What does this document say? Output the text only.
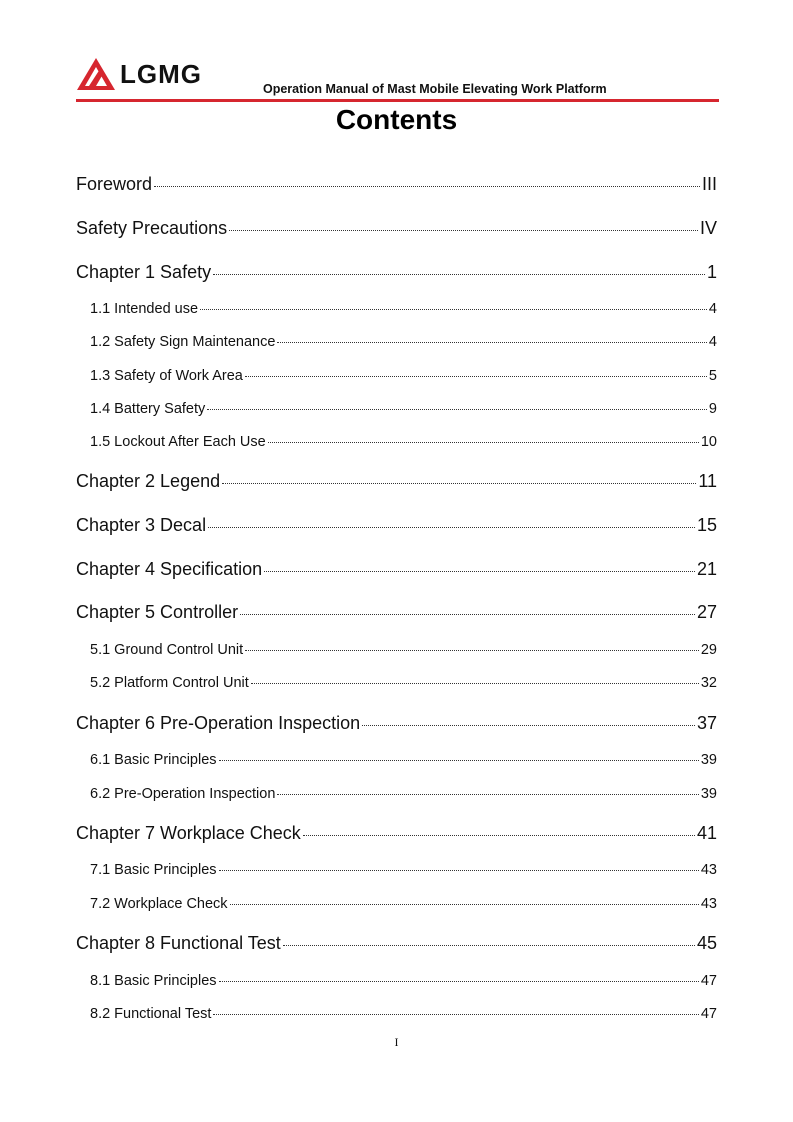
LGMG	Operation Manual of Mast Mobile Elevating Work Platform
Contents
Foreword	III
Safety Precautions	IV
Chapter 1 Safety	1
1.1 Intended use	4
1.2 Safety Sign Maintenance	4
1.3 Safety of Work Area	5
1.4 Battery Safety	9
1.5 Lockout After Each Use	10
Chapter 2 Legend	11
Chapter 3 Decal	15
Chapter 4 Specification	21
Chapter 5 Controller	27
5.1 Ground Control Unit	29
5.2 Platform Control Unit	32
Chapter 6 Pre-Operation Inspection	37
6.1 Basic Principles	39
6.2 Pre-Operation Inspection	39
Chapter 7 Workplace Check	41
7.1 Basic Principles	43
7.2 Workplace Check	43
Chapter 8 Functional Test	45
8.1 Basic Principles	47
8.2 Functional Test	47
I
